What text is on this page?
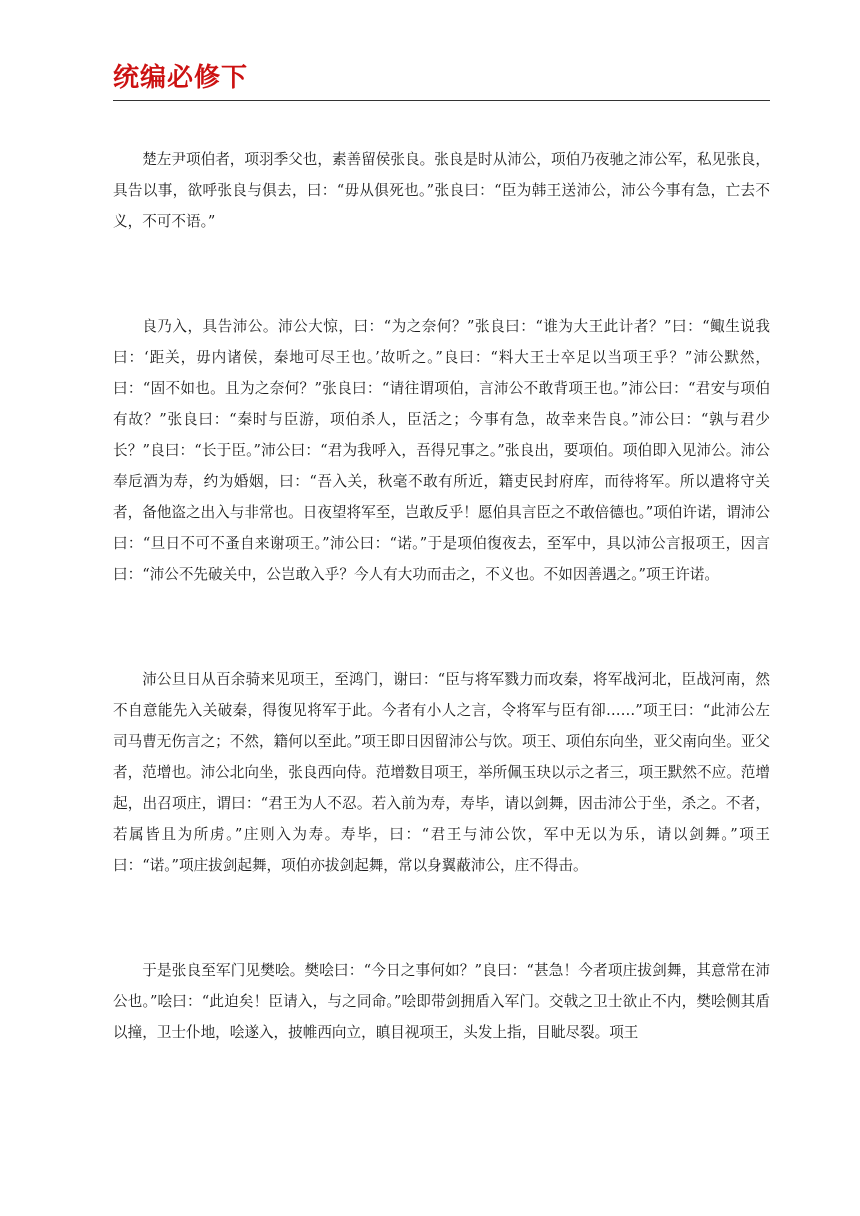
统编必修下

楚左尹项伯者，项羽季父也，素善留侯张良。张良是时从沛公，项伯乃夜驰之沛公军，私见张良，具告以事，欲呼张良与俱去，曰：“毋从俱死也。”张良曰：“臣为韩王送沛公，沛公今事有急，亡去不义，不可不语。”

良乃入，具告沛公。沛公大惊，曰：“为之奈何？”张良曰：“谁为大王此计者？”曰：“鲰生说我曰：‘距关，毋内诸侯，秦地可尽王也。’故听之。”良曰：“料大王士卒足以当项王乎？”沛公默然，曰：“固不如也。且为之奈何？”张良曰：“请往谓项伯，言沛公不敢背项王也。”沛公曰：“君安与项伯有故？”张良曰：“秦时与臣游，项伯杀人，臣活之；今事有急，故幸来告良。”沛公曰：“孰与君少长？”良曰：“长于臣。”沛公曰：“君为我呼入，吾得兄事之。”张良出，要项伯。项伯即入见沛公。沛公奉卮酒为寿，约为婚姻，曰：“吾入关，秋毫不敢有所近，籍吏民封府库，而待将军。所以遣将守关者，备他盗之出入与非常也。日夜望将军至，岂敢反乎！愿伯具言臣之不敢倍德也。”项伯许诺，谓沛公曰：“旦日不可不蚤自来谢项王。”沛公曰：“诺。”于是项伯復夜去，至军中，具以沛公言报项王，因言曰：“沛公不先破关中，公岂敢入乎？今人有大功而击之，不义也。不如因善遇之。”项王许诺。

沛公旦日从百余骑来见项王，至鸿门，谢曰：“臣与将军戮力而攻秦，将军战河北，臣战河南，然不自意能先入关破秦，得復见将军于此。今者有小人之言，令将军与臣有卻……”项王曰：“此沛公左司马曹无伤言之；不然，籍何以至此。”项王即日因留沛公与饮。项王、项伯东向坐，亚父南向坐。亚父者，范增也。沛公北向坐，张良西向侍。范增数目项王，举所佩玉玦以示之者三，项王默然不应。范增起，出召项庄，谓曰：“君王为人不忍。若入前为寿，寿毕，请以剑舞，因击沛公于坐，杀之。不者，若属皆且为所虏。”庄则入为寿。寿毕，曰：“君王与沛公饮，军中无以为乐，请以剑舞。”项王曰：“诺。”项庄拔剑起舞，项伯亦拔剑起舞，常以身翼蔽沛公，庄不得击。

于是张良至军门见樊哙。樊哙曰：“今日之事何如？”良曰：“甚急！今者项庄拔剑舞，其意常在沛公也。”哙曰：“此迫矣！臣请入，与之同命。”哙即带剑拥盾入军门。交戟之卫士欲止不内，樊哙侧其盾以撞，卫士仆地，哙遂入，披帷西向立，瞋目视项王，头发上指，目眦尽裂。项王
